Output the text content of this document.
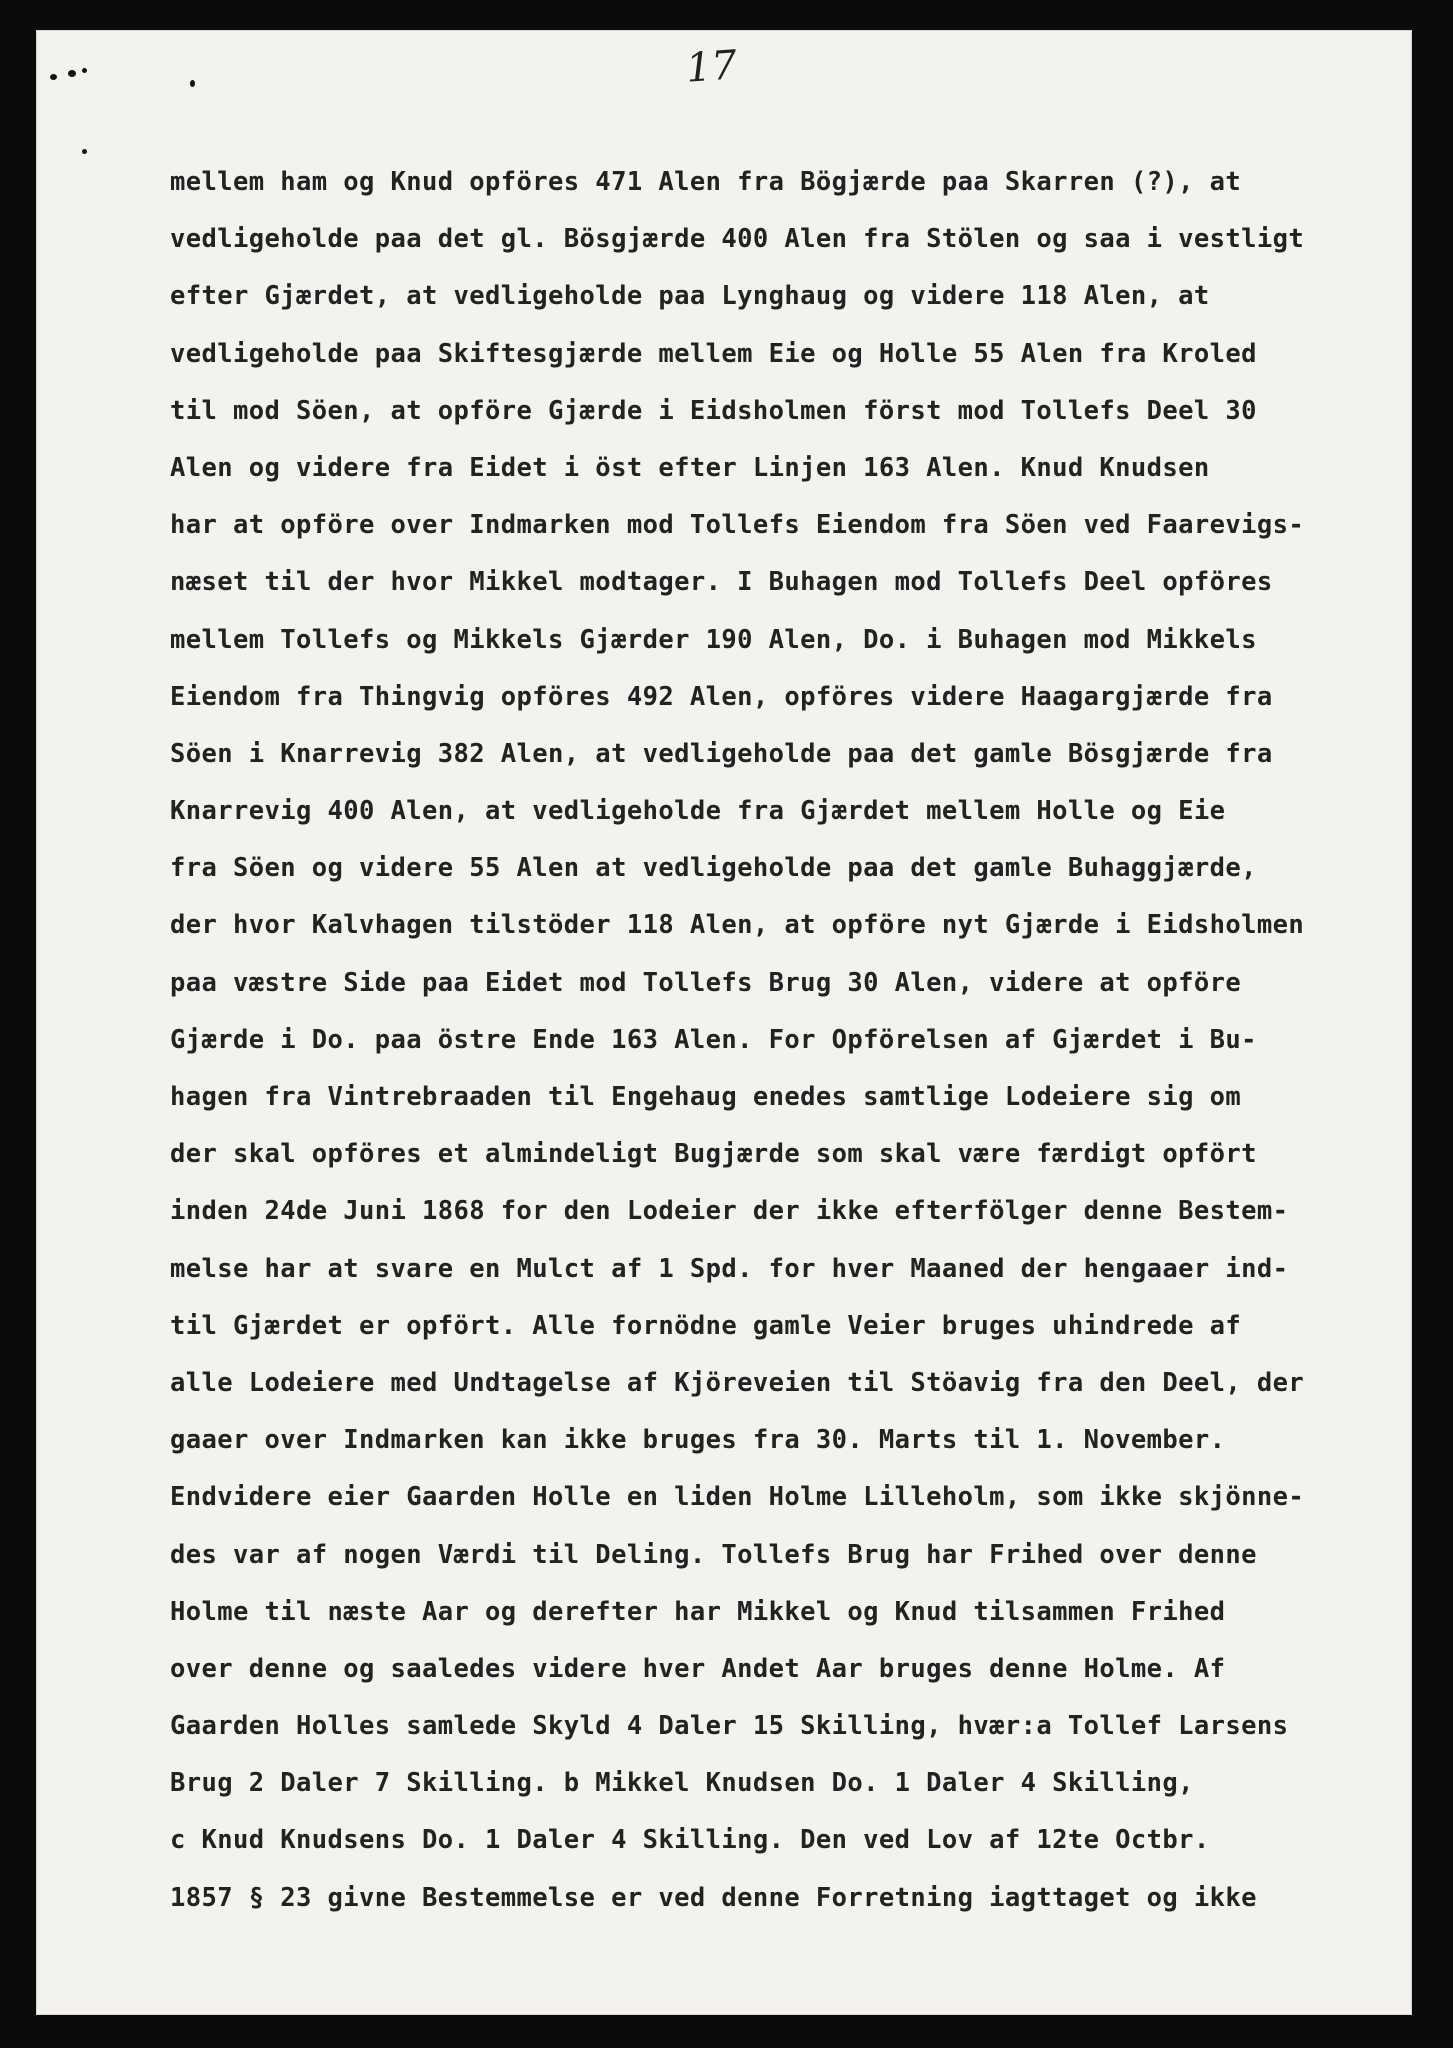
17
mellem ham og Knud opföres 471 Alen fra Bögjærde paa Skarren (?), at
vedligeholde paa det gl. Bösgjærde 400 Alen fra Stölen og saa i vestligt
efter Gjærdet, at vedligeholde paa Lynghaug og videre 118 Alen, at
vedligeholde paa Skiftesgjærde mellem Eie og Holle 55 Alen fra Kroled
til mod Söen, at opföre Gjærde i Eidsholmen först mod Tollefs Deel 30
Alen og videre fra Eidet i öst efter Linjen 163 Alen. Knud Knudsen
har at opföre over Indmarken mod Tollefs Eiendom fra Söen ved Faarevigs-
næset til der hvor Mikkel modtager. I Buhagen mod Tollefs Deel opföres
mellem Tollefs og Mikkels Gjærder 190 Alen, Do. i Buhagen mod Mikkels
Eiendom fra Thingvig opföres 492 Alen, opföres videre Haagargjærde fra
Söen i Knarrevig 382 Alen, at vedligeholde paa det gamle Bösgjærde fra
Knarrevig 400 Alen, at vedligeholde fra Gjærdet mellem Holle og Eie
fra Söen og videre 55 Alen at vedligeholde paa det gamle Buhaggjærde,
der hvor Kalvhagen tilstöder 118 Alen, at opföre nyt Gjærde i Eidsholmen
paa væstre Side paa Eidet mod Tollefs Brug 30 Alen, videre at opföre
Gjærde i Do. paa östre Ende 163 Alen. For Opförelsen af Gjærdet i Bu-
hagen fra Vintrebraaden til Engehaug enedes samtlige Lodeiere sig om
der skal opföres et almindeligt Bugjærde som skal være færdigt opfört
inden 24de Juni 1868 for den Lodeier der ikke efterfölger denne Bestem-
melse har at svare en Mulct af 1 Spd. for hver Maaned der hengaaer ind-
til Gjærdet er opfört. Alle fornödne gamle Veier bruges uhindrede af
alle Lodeiere med Undtagelse af Kjöreveien til Stöavig fra den Deel, der
gaaer over Indmarken kan ikke bruges fra 30. Marts til 1. November.
Endvidere eier Gaarden Holle en liden Holme Lilleholm, som ikke skjönne-
des var af nogen Værdi til Deling. Tollefs Brug har Frihed over denne
Holme til næste Aar og derefter har Mikkel og Knud tilsammen Frihed
over denne og saaledes videre hver Andet Aar bruges denne Holme. Af
Gaarden Holles samlede Skyld 4 Daler 15 Skilling, hvær:a Tollef Larsens
Brug 2 Daler 7 Skilling. b Mikkel Knudsen Do. 1 Daler 4 Skilling,
c Knud Knudsens Do. 1 Daler 4 Skilling. Den ved Lov af 12te Octbr.
1857 § 23 givne Bestemmelse er ved denne Forretning iagttaget og ikke
